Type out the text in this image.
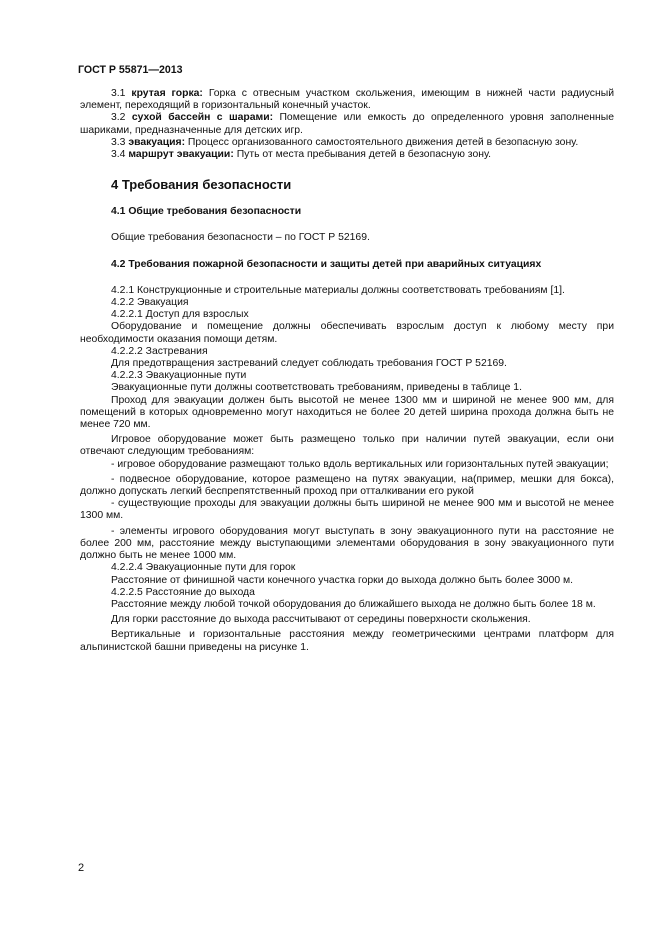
ГОСТ Р 55871—2013

3.1 крутая горка: Горка с отвесным участком скольжения, имеющим в нижней части радиусный элемент, переходящий в горизонтальный конечный участок.

3.2 сухой бассейн с шарами: Помещение или емкость до определенного уровня заполненные шариками, предназначенные для детских игр.

3.3 эвакуация: Процесс организованного самостоятельного движения детей в безопасную зону.

3.4 маршрут эвакуации: Путь от места пребывания детей в безопасную зону.

4 Требования безопасности
4.1 Общие требования безопасности

Общие требования безопасности – по ГОСТ Р 52169.

4.2 Требования пожарной безопасности и защиты детей при аварийных ситуациях

4.2.1 Конструкционные и строительные материалы должны соответствовать требованиям [1].

4.2.2 Эвакуация

4.2.2.1 Доступ для взрослых

Оборудование и помещение должны обеспечивать взрослым доступ к любому месту при необходимости оказания помощи детям.

4.2.2.2 Застревания

Для предотвращения застреваний следует соблюдать требования ГОСТ Р 52169.

4.2.2.3 Эвакуационные пути

Эвакуационные пути должны соответствовать требованиям, приведены в таблице 1.

Проход для эвакуации должен быть высотой не менее 1300 мм и шириной не менее 900 мм, для помещений в которых одновременно могут находиться не более 20 детей ширина прохода должна быть не менее 720 мм.

Игровое оборудование может быть размещено только при наличии путей эвакуации, если они отвечают следующим требованиям:

- игровое оборудование размещают только вдоль вертикальных или горизонтальных путей эвакуации;

- подвесное оборудование, которое размещено на путях эвакуации, на(пример, мешки для бокса), должно допускать легкий беспрепятственный проход при отталкивании его рукой

- существующие проходы для эвакуации должны быть шириной не менее 900 мм и высотой не менее 1300 мм.

- элементы игрового оборудования могут выступать в зону эвакуационного пути на расстояние не более 200 мм, расстояние между выступающими элементами оборудования в зону эвакуационного пути должно быть не менее 1000 мм.

4.2.2.4 Эвакуационные пути для горок

Расстояние от финишной части конечного участка горки до выхода должно быть более 3000 м.

4.2.2.5 Расстояние до выхода

Расстояние между любой точкой оборудования до ближайшего выхода не должно быть более 18 м.

Для горки расстояние до выхода рассчитывают от середины поверхности скольжения.

Вертикальные и горизонтальные расстояния между геометрическими центрами платформ для альпинистской башни приведены на рисунке 1.

2
